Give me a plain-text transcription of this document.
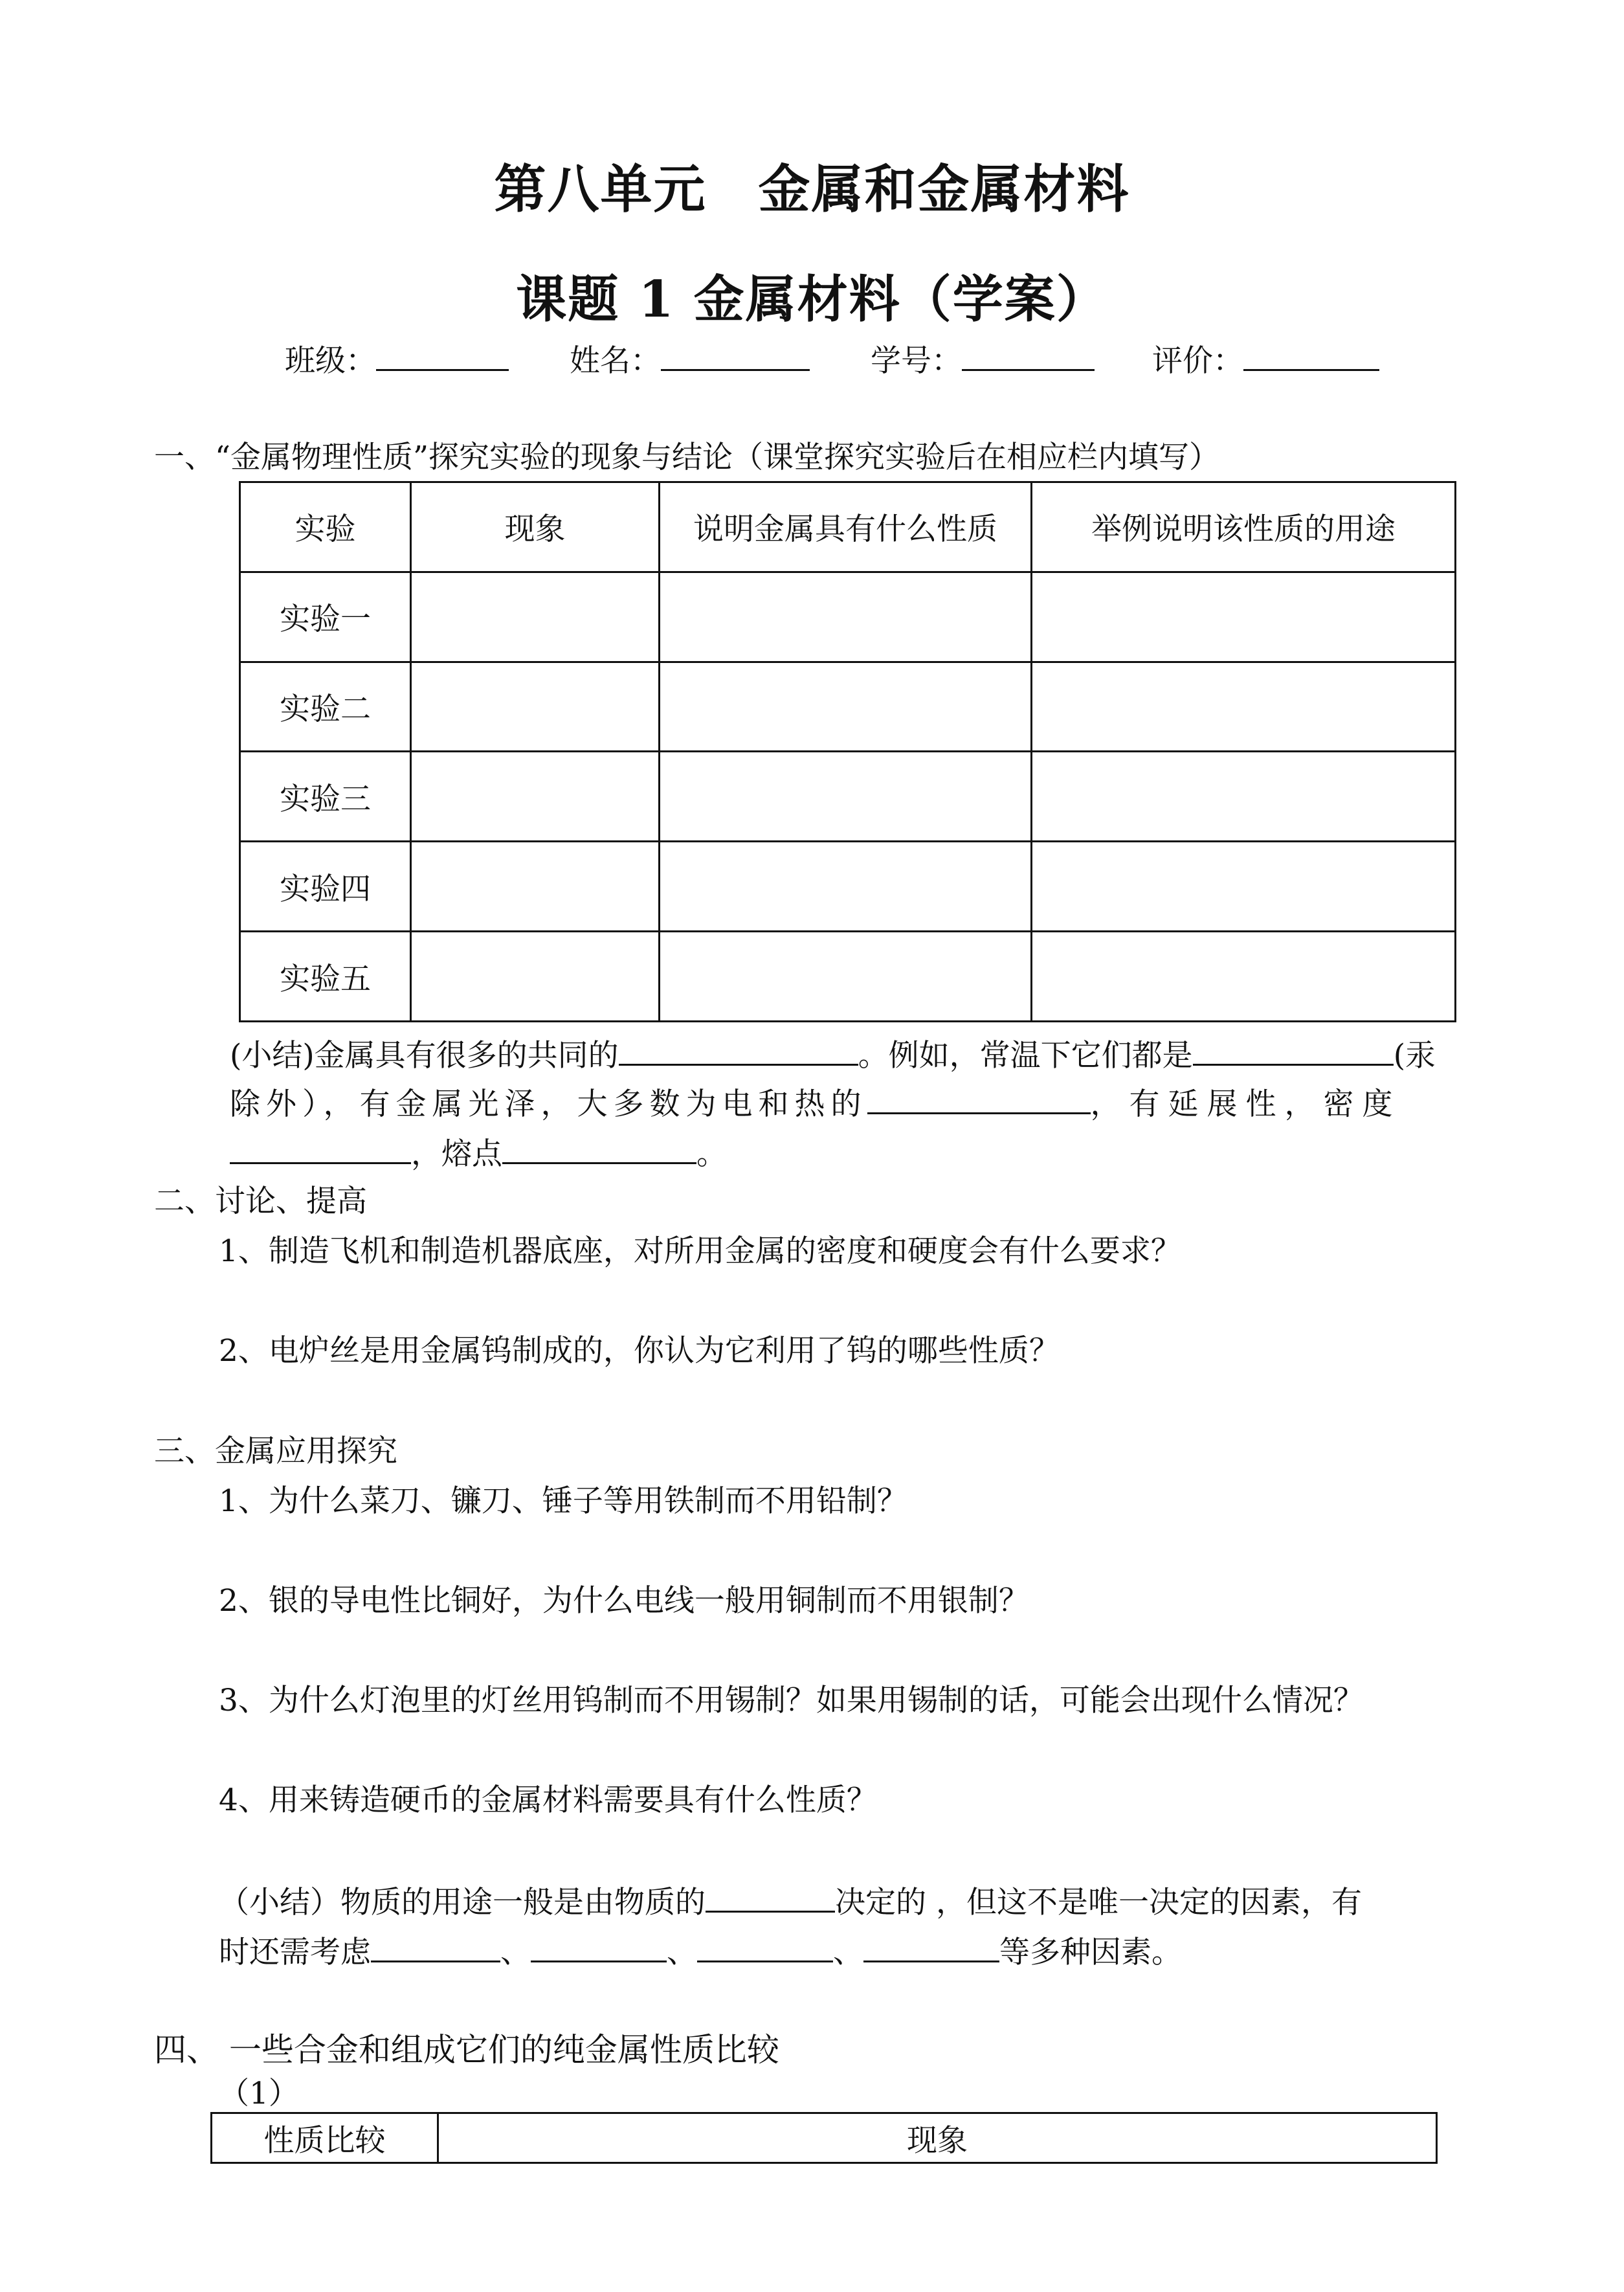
第八单元 金属和金属材料
课题 1 金属材料（学案）
班级：	姓名：	学号：	评价：
一、“金属物理性质”探究实验的现象与结论（课堂探究实验后在相应栏内填写）
实验	现象	说明金属具有什么性质	举例说明该性质的用途
实验一			
实验二			
实验三			
实验四			
实验五			
(小结)金属具有很多的共同的	。例如，常温下它们都是	(汞
除外），有金属光泽，大多数为电和热的	，有延展性，密度
，熔点	。
二、讨论、提高
1、制造飞机和制造机器底座，对所用金属的密度和硬度会有什么要求？
2、电炉丝是用金属钨制成的，你认为它利用了钨的哪些性质？
三、金属应用探究
1、为什么菜刀、镰刀、锤子等用铁制而不用铅制？
2、银的导电性比铜好，为什么电线一般用铜制而不用银制？
3、为什么灯泡里的灯丝用钨制而不用锡制？如果用锡制的话，可能会出现什么情况？
4、用来铸造硬币的金属材料需要具有什么性质？
（小结）物质的用途一般是由物质的	决定的 ，但这不是唯一决定的因素，有
时还需考虑	、	、	、	等多种因素。
四、 一些合金和组成它们的纯金属性质比较
（1）
性质比较	现象
